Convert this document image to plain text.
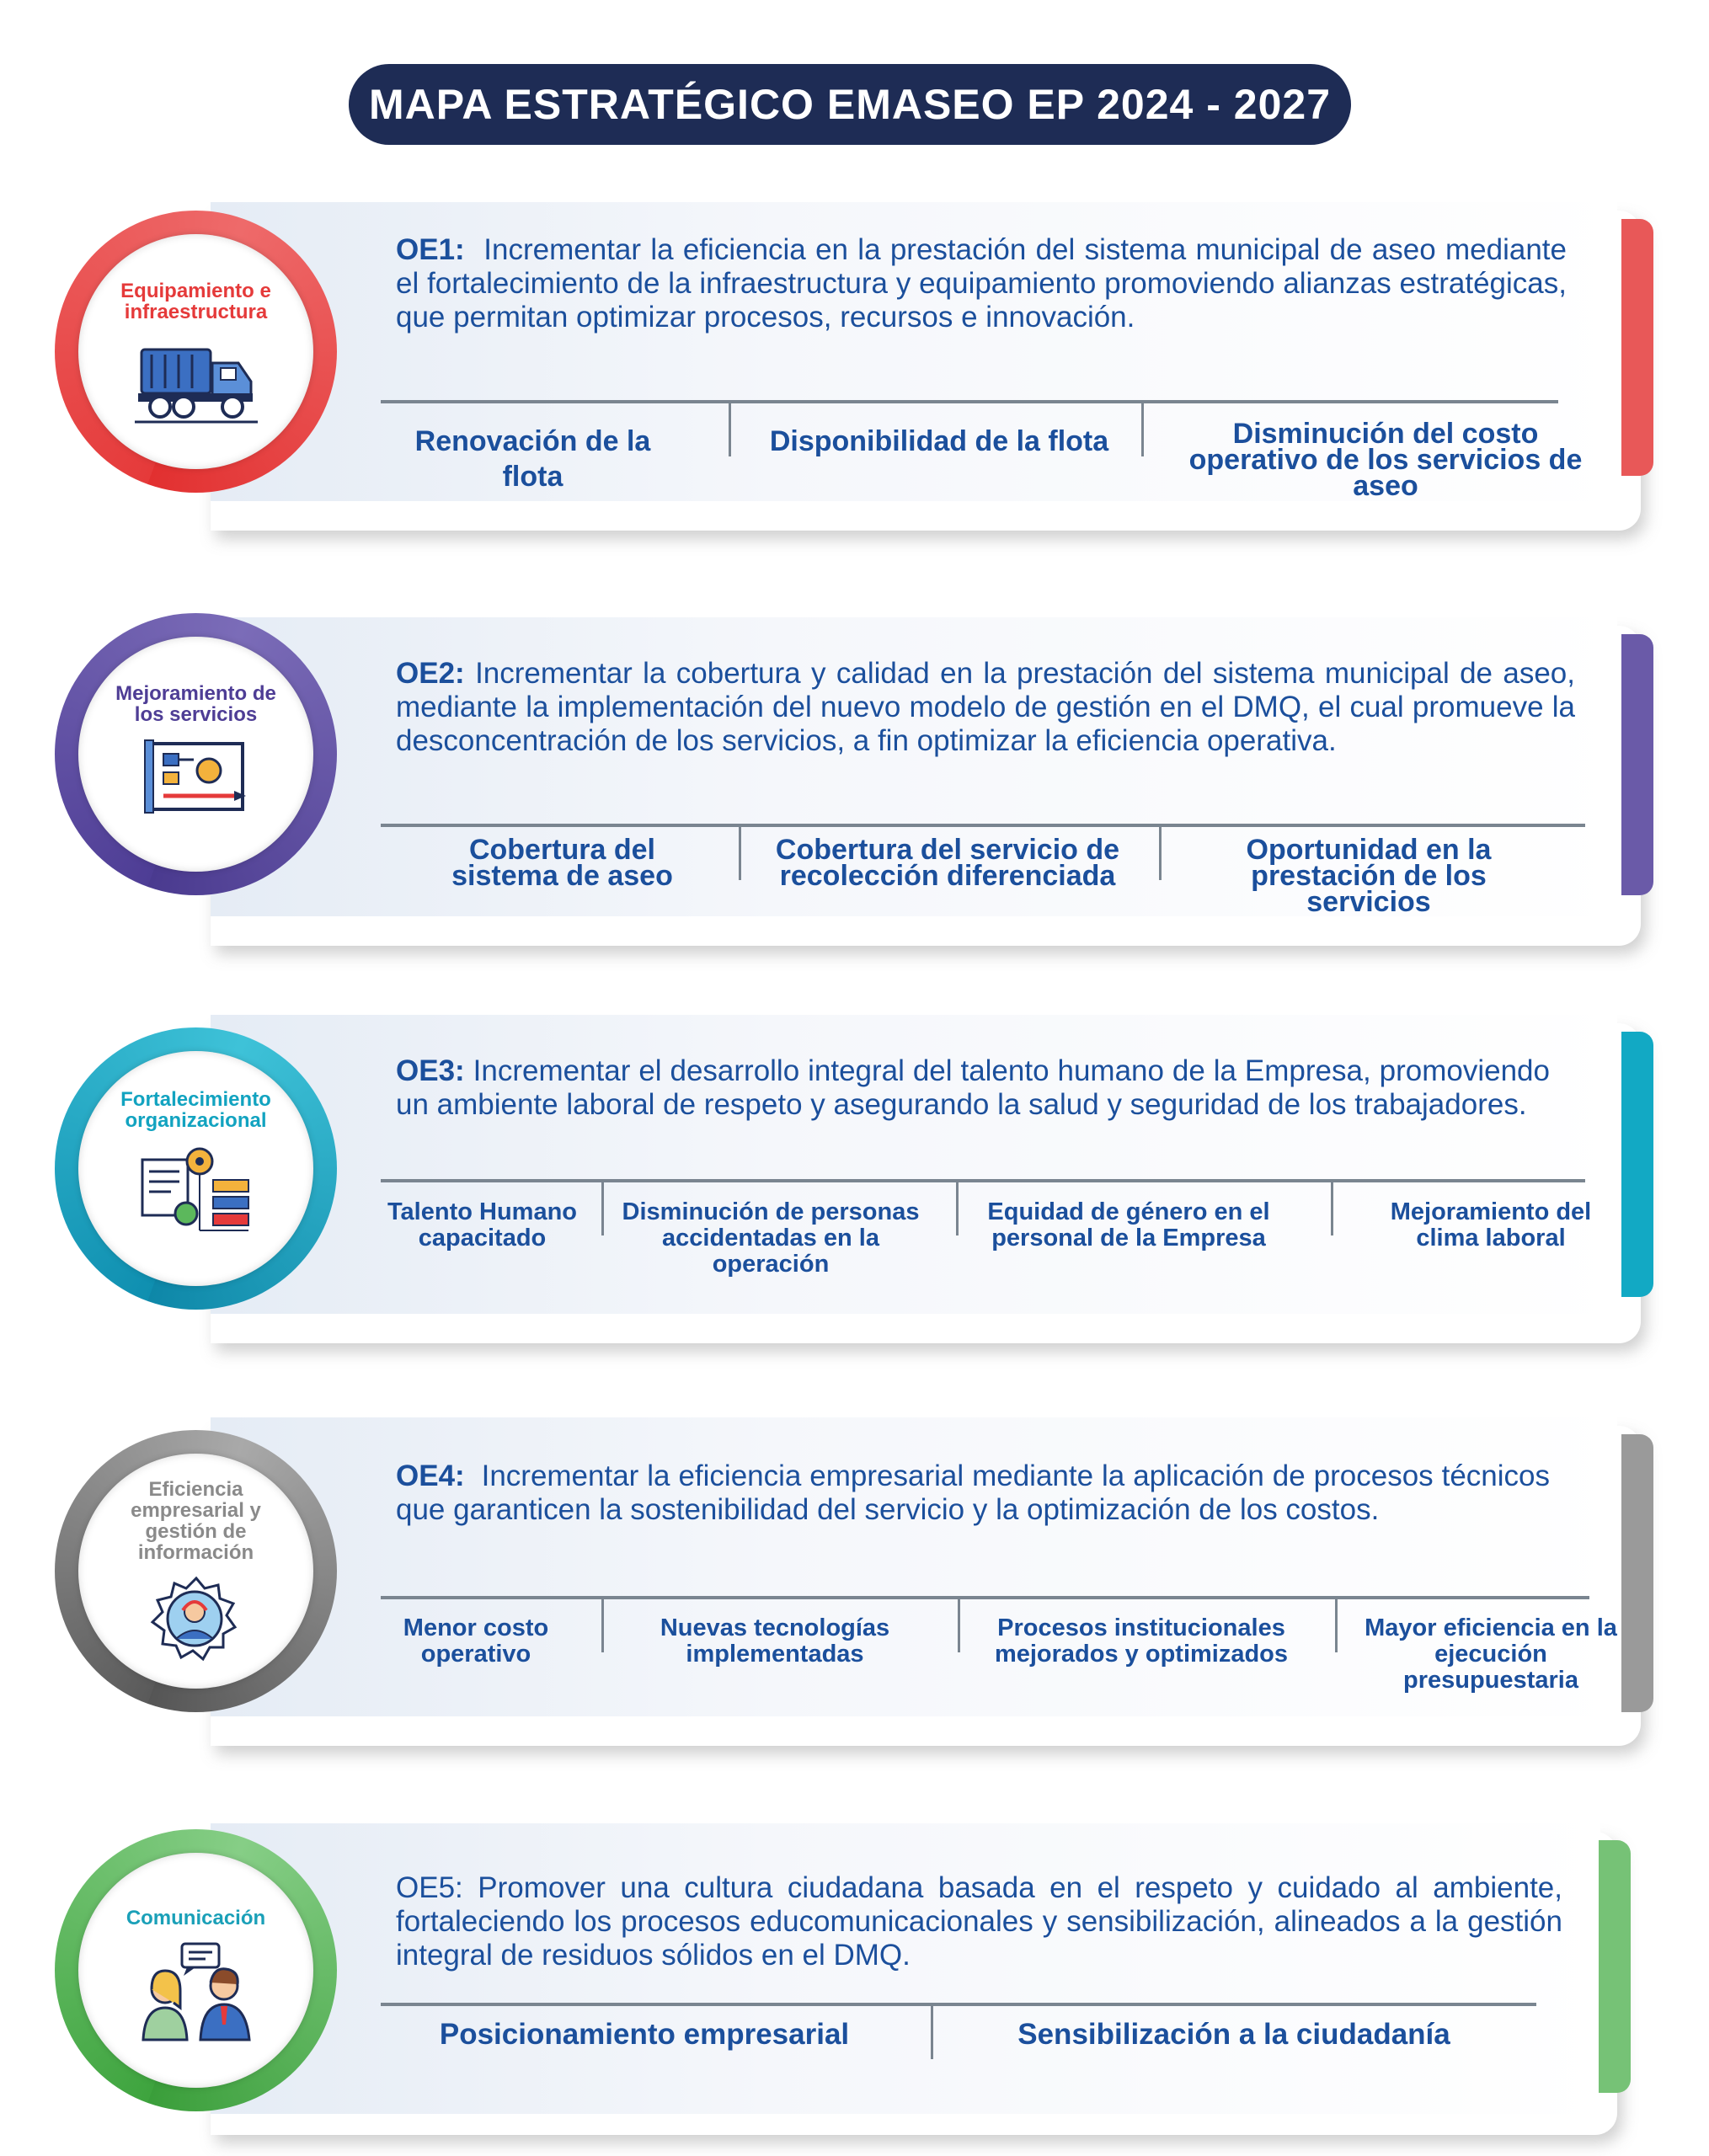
MAPA ESTRATÉGICO EMASEO EP 2024 - 2027
Equipamiento e infraestructura
OE1: Incrementar la eficiencia en la prestación del sistema municipal de aseo mediante el fortalecimiento de la infraestructura y equipamiento promoviendo alianzas estratégicas, que permitan optimizar procesos, recursos e innovación.
Renovación de la flota
Disponibilidad de la flota	Disminución del costo operativo de los servicios de aseo
Mejoramiento de los servicios
OE2: Incrementar la cobertura y calidad en la prestación del sistema municipal de aseo, mediante la implementación del nuevo modelo de gestión en el DMQ, el cual promueve la desconcentración de los servicios, a fin optimizar la eficiencia operativa.
Cobertura del sistema de aseo
Cobertura del servicio de recolección diferenciada
Oportunidad en la prestación de los servicios
Fortalecimiento organizacional
OE3: Incrementar el desarrollo integral del talento humano de la Empresa, promoviendo un ambiente laboral de respeto y asegurando la salud y seguridad de los trabajadores.
Talento Humano capacitado
Disminución de personas accidentadas en la operación
Equidad de género en el personal de la Empresa
Mejoramiento del clima laboral
Eficiencia empresarial y gestión de información
OE4: Incrementar la eficiencia empresarial mediante la aplicación de procesos técnicos que garanticen la sostenibilidad del servicio y la optimización de los costos.
Menor costo operativo
Nuevas tecnologías implementadas
Procesos institucionales mejorados y optimizados
Mayor eficiencia en la ejecución presupuestaria
Comunicación
OE5: Promover una cultura ciudadana basada en el respeto y cuidado al ambiente, fortaleciendo los procesos educomunicacionales y sensibilización, alineados a la gestión integral de residuos sólidos en el DMQ.
Posicionamiento empresarial	Sensibilización a la ciudadanía
